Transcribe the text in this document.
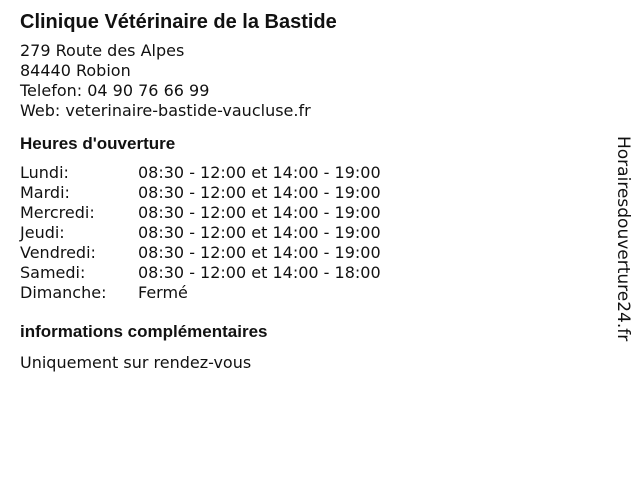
Clinique Vétérinaire de la Bastide
279 Route des Alpes
84440 Robion
Telefon: 04 90 76 66 99
Web: veterinaire-bastide-vaucluse.fr
Heures d'ouverture
Lundi:	08:30 - 12:00 et 14:00 - 19:00
Mardi:	08:30 - 12:00 et 14:00 - 19:00
Mercredi:	08:30 - 12:00 et 14:00 - 19:00
Jeudi:	08:30 - 12:00 et 14:00 - 19:00
Vendredi:	08:30 - 12:00 et 14:00 - 19:00
Samedi:	08:30 - 12:00 et 14:00 - 18:00
Dimanche:	Fermé
informations complémentaires
Uniquement sur rendez-vous
Horairesdouverture24.fr
